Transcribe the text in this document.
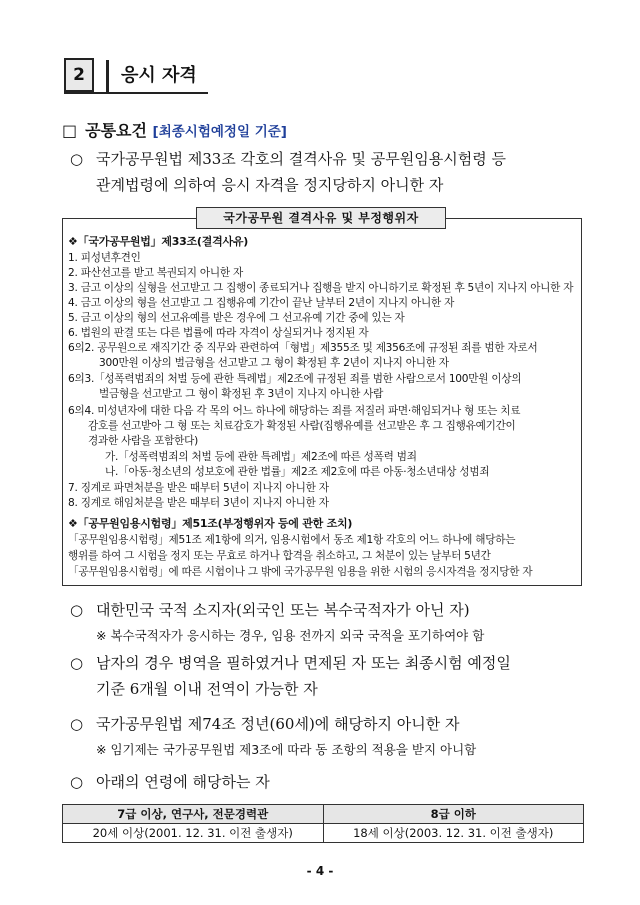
2	응시 자격
□ 공통요건 [최종시험예정일 기준]
○ 국가공무원법 제33조 각호의 결격사유 및 공무원임용시험령 등
관계법령에 의하여 응시 자격을 정지당하지 아니한 자
국가공무원 결격사유 및 부정행위자
❖「국가공무원법」제33조(결격사유)
1. 피성년후견인
2. 파산선고를 받고 복권되지 아니한 자
3. 금고 이상의 실형을 선고받고 그 집행이 종료되거나 집행을 받지 아니하기로 확정된 후 5년이 지나지 아니한 자
4. 금고 이상의 형을 선고받고 그 집행유예 기간이 끝난 날부터 2년이 지나지 아니한 자
5. 금고 이상의 형의 선고유예를 받은 경우에 그 선고유예 기간 중에 있는 자
6. 법원의 판결 또는 다른 법률에 따라 자격이 상실되거나 정지된 자
6의2. 공무원으로 재직기간 중 직무와 관련하여「형법」제355조 및 제356조에 규정된 죄를 범한 자로서
300만원 이상의 벌금형을 선고받고 그 형이 확정된 후 2년이 지나지 아니한 자
6의3.「성폭력범죄의 처벌 등에 관한 특례법」제2조에 규정된 죄를 범한 사람으로서 100만원 이상의
벌금형을 선고받고 그 형이 확정된 후 3년이 지나지 아니한 사람
6의4. 미성년자에 대한 다음 각 목의 어느 하나에 해당하는 죄를 저질러 파면·해임되거나 형 또는 치료
감호를 선고받아 그 형 또는 치료감호가 확정된 사람(집행유예를 선고받은 후 그 집행유예기간이
경과한 사람을 포함한다)
가.「성폭력범죄의 처벌 등에 관한 특례법」제2조에 따른 성폭력 범죄
나.「아동·청소년의 성보호에 관한 법률」제2조 제2호에 따른 아동·청소년대상 성범죄
7. 징계로 파면처분을 받은 때부터 5년이 지나지 아니한 자
8. 징계로 해임처분을 받은 때부터 3년이 지나지 아니한 자
❖「공무원임용시험령」제51조(부정행위자 등에 관한 조치)
「공무원임용시험령」제51조 제1항에 의거, 임용시험에서 동조 제1항 각호의 어느 하나에 해당하는
행위를 하여 그 시험을 정지 또는 무효로 하거나 합격을 취소하고, 그 처분이 있는 날부터 5년간
「공무원임용시험령」에 따른 시험이나 그 밖에 국가공무원 임용을 위한 시험의 응시자격을 정지당한 자
○ 대한민국 국적 소지자(외국인 또는 복수국적자가 아닌 자)
※ 복수국적자가 응시하는 경우, 임용 전까지 외국 국적을 포기하여야 함
○ 남자의 경우 병역을 필하였거나 면제된 자 또는 최종시험 예정일
기준 6개월 이내 전역이 가능한 자
○ 국가공무원법 제74조 정년(60세)에 해당하지 아니한 자
※ 임기제는 국가공무원법 제3조에 따라 동 조항의 적용을 받지 아니함
○ 아래의 연령에 해당하는 자
7급 이상, 연구사, 전문경력관	8급 이하
20세 이상(2001. 12. 31. 이전 출생자)	18세 이상(2003. 12. 31. 이전 출생자)
- 4 -
